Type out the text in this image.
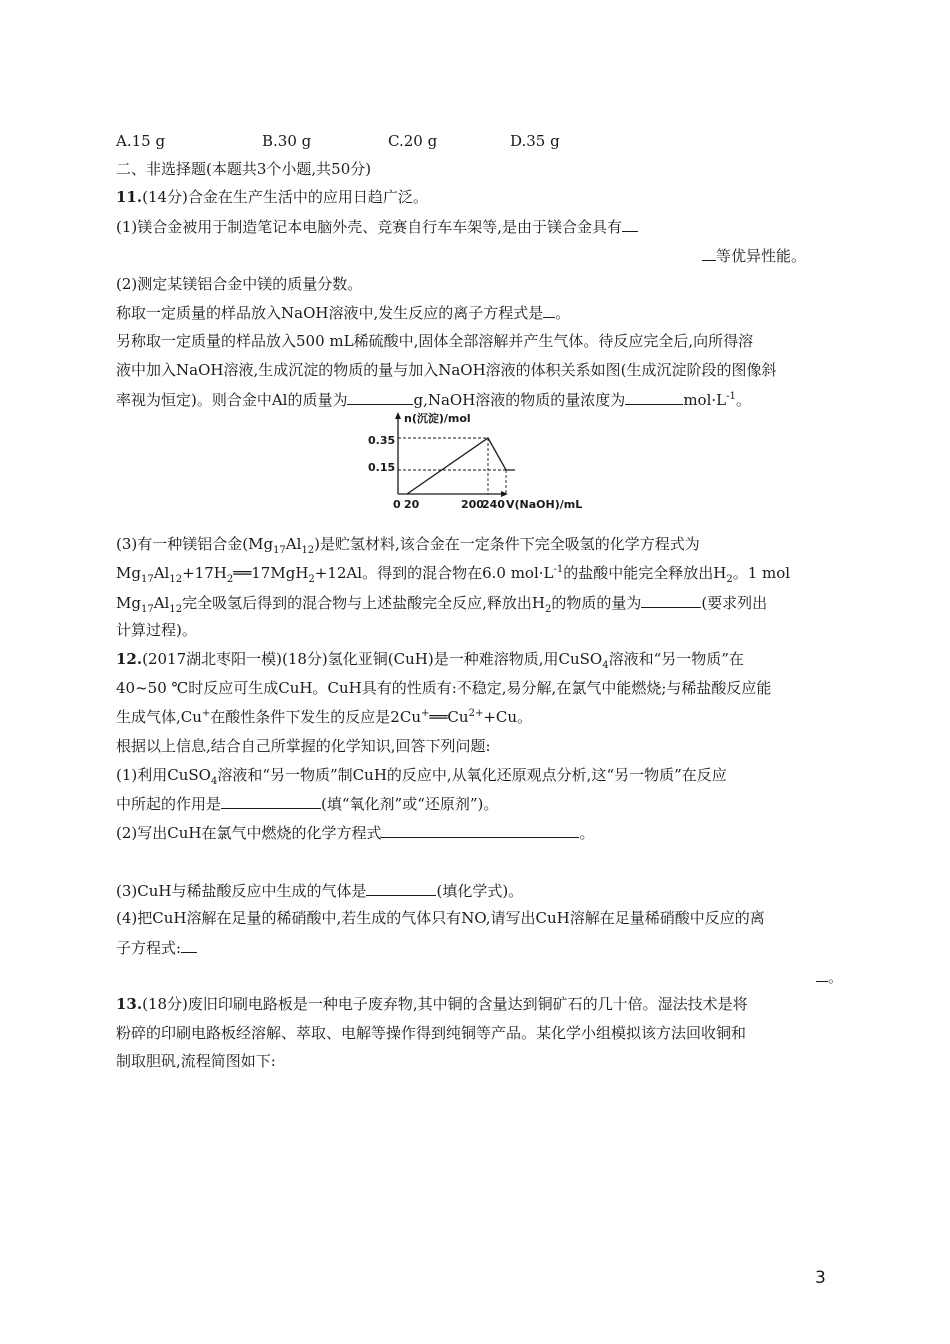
A.15 g	B.30 g	C.20 g	D.35 g
二、非选择题(本题共3个小题,共50分)
11.(14分)合金在生产生活中的应用日趋广泛。
(1)镁合金被用于制造笔记本电脑外壳、竞赛自行车车架等,是由于镁合金具有
等优异性能。
(2)测定某镁铝合金中镁的质量分数。
称取一定质量的样品放入NaOH溶液中,发生反应的离子方程式是 。
另称取一定质量的样品放入500 mL稀硫酸中,固体全部溶解并产生气体。待反应完全后,向所得溶
液中加入NaOH溶液,生成沉淀的物质的量与加入NaOH溶液的体积关系如图(生成沉淀阶段的图像斜
率视为恒定)。则合金中Al的质量为	g,NaOH溶液的物质的量浓度为	$mol\cdot L^{-1}$。
n(沉淀)/mol
V(NaOH)/mL
0.35
0.15
0 20	200
240
(3)有一种镁铝合金$(Mg_{17}Al_{12})$是贮氢材料,该合金在一定条件下完全吸氢的化学方程式为
$Mg_{17}Al_{12}+17H_2══17MgH_2+12Al$。得到的混合物在6.0 $mol\cdot L^{-1}$的盐酸中能完全释放出$H_2$。1 mol
$Mg_{17}Al_{12}$完全吸氢后得到的混合物与上述盐酸完全反应,释放出$H_2$的物质的量为	(要求列出
计算过程)。
12.(2017湖北枣阳一模)(18分)氢化亚铜(CuH)是一种难溶物质,用CuSO$_4$溶液和“另一物质”在
40~50 ℃时反应可生成CuH。CuH具有的性质有:不稳定,易分解,在氯气中能燃烧;与稀盐酸反应能
生成气体,Cu+在酸性条件下发生的反应是$2Cu^+══Cu^{2+}+Cu$。
根据以上信息,结合自己所掌握的化学知识,回答下列问题:
(1)利用CuSO$_4$溶液和“另一物质”制CuH的反应中,从氧化还原观点分析,这“另一物质”在反应
中所起的作用是	(填“氧化剂”或“还原剂”)。
(2)写出CuH在氯气中燃烧的化学方程式	。
(3)CuH与稀盐酸反应中生成的气体是	(填化学式)。
(4)把CuH溶解在足量的稀硝酸中,若生成的气体只有NO,请写出CuH溶解在足量稀硝酸中反应的离
子方程式:
。
13.(18分)废旧印刷电路板是一种电子废弃物,其中铜的含量达到铜矿石的几十倍。湿法技术是将
粉碎的印刷电路板经溶解、萃取、电解等操作得到纯铜等产品。某化学小组模拟该方法回收铜和
制取胆矾,流程简图如下:
3
